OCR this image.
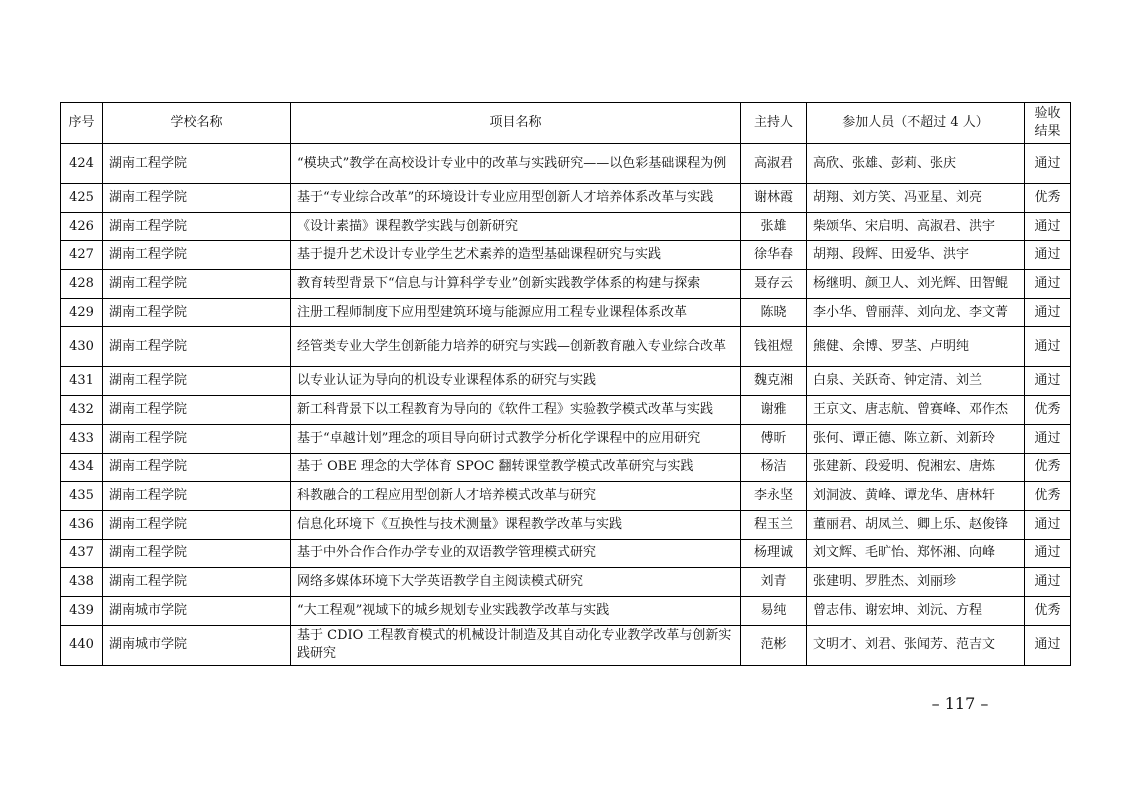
序号	学校名称	项目名称	主持人	参加人员（不超过 4 人）	验收
结果
424	湖南工程学院	“模块式”教学在高校设计专业中的改革与实践研究——以色彩基础课程为例	高淑君	高欣、张雄、彭莉、张庆	通过
425	湖南工程学院	基于“专业综合改革”的环境设计专业应用型创新人才培养体系改革与实践	谢林霞	胡翔、刘方笑、冯亚星、刘亮	优秀
426	湖南工程学院	《设计素描》课程教学实践与创新研究	张雄	柴颂华、宋启明、高淑君、洪宇	通过
427	湖南工程学院	基于提升艺术设计专业学生艺术素养的造型基础课程研究与实践	徐华春	胡翔、段辉、田爱华、洪宇	通过
428	湖南工程学院	教育转型背景下“信息与计算科学专业”创新实践教学体系的构建与探索	聂存云	杨继明、颜卫人、刘光辉、田智鲲	通过
429	湖南工程学院	注册工程师制度下应用型建筑环境与能源应用工程专业课程体系改革	陈晓	李小华、曾丽萍、刘向龙、李文菁	通过
430	湖南工程学院	经管类专业大学生创新能力培养的研究与实践—创新教育融入专业综合改革	钱祖煜	熊健、余博、罗茎、卢明纯	通过
431	湖南工程学院	以专业认证为导向的机设专业课程体系的研究与实践	魏克湘	白泉、关跃奇、钟定清、刘兰	通过
432	湖南工程学院	新工科背景下以工程教育为导向的《软件工程》实验教学模式改革与实践	谢雅	王京文、唐志航、曾赛峰、邓作杰	优秀
433	湖南工程学院	基于“卓越计划”理念的项目导向研讨式教学分析化学课程中的应用研究	傅昕	张何、谭正德、陈立新、刘新玲	通过
434	湖南工程学院	基于 OBE 理念的大学体育 SPOC 翻转课堂教学模式改革研究与实践	杨洁	张建新、段爱明、倪湘宏、唐炼	优秀
435	湖南工程学院	科教融合的工程应用型创新人才培养模式改革与研究	李永坚	刘洞波、黄峰、谭龙华、唐林轩	优秀
436	湖南工程学院	信息化环境下《互换性与技术测量》课程教学改革与实践	程玉兰	董丽君、胡凤兰、卿上乐、赵俊锋	通过
437	湖南工程学院	基于中外合作合作办学专业的双语教学管理模式研究	杨理诚	刘文辉、毛旷怡、郑怀湘、向峰	通过
438	湖南工程学院	网络多媒体环境下大学英语教学自主阅读模式研究	刘青	张建明、罗胜杰、刘丽珍	通过
439	湖南城市学院	“大工程观”视域下的城乡规划专业实践教学改革与实践	易纯	曾志伟、谢宏坤、刘沅、方程	优秀
440	湖南城市学院	基于 CDIO 工程教育模式的机械设计制造及其自动化专业教学改革与创新实践研究	范彬	文明才、刘君、张闻芳、范吉文	通过
– 117 –
